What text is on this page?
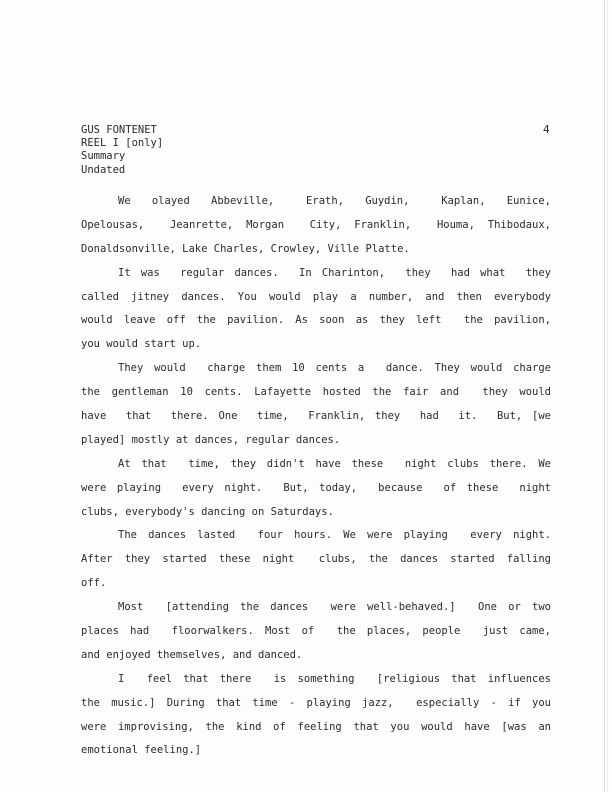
4
GUS FONTENET
REEL I [only]
Summary
Undated
We  olayed  Abbeville,   Erath,  Guydin,   Kaplan,  Eunice,
Opelousas,  Jeanrette, Morgan  City, Franklin,  Houma, Thibodaux,
Donaldsonville, Lake Charles, Crowley, Ville Platte.
It was  regular dances.  In Charinton,  they  had what  they
called jitney dances. You would play a number, and then everybody
would leave off the pavilion. As soon as they left  the pavilion,
you would start up.
They would  charge them 10 cents a  dance. They would charge
the gentleman 10 cents. Lafayette hosted the fair and  they would
have  that  there. One  time,  Franklin, they  had  it.  But, [we
played] mostly at dances, regular dances.
At that  time, they didn't have these  night clubs there. We
were playing  every night.  But, today,  because  of these  night
clubs, everybody's dancing on Saturdays.
The dances lasted  four hours. We were playing  every night.
After they started these night  clubs, the dances started falling
off.
Most  [attending the dances  were well-behaved.]  One or two
places had  floorwalkers. Most of  the places, people  just came,
and enjoyed themselves, and danced.
I  feel that there  is something  [religious that influences
the music.] During that time - playing jazz,  especially - if you
were improvising, the kind of feeling that you would have [was an
emotional feeling.]
